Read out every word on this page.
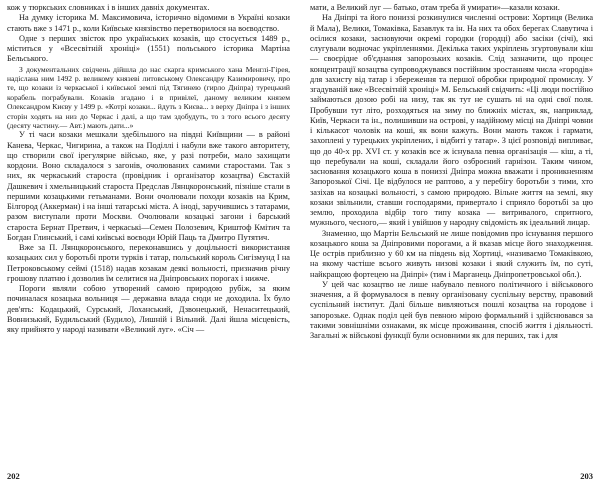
кож у тюркських словниках і в інших давніх документах.

На думку історика М. Максимовича, історично відомими в Україні козаки стають вже з 1471 р., коли Київське князівство перетворилося на воєводство.

Одне з перших звісток про українських козаків, що стосується 1489 р., міститься у «Всесвітній хроніці» (1551) польського історика Мартіна Бельського.

З документальних свідчень дійшла до нас скарга кримського хана Менглі-Гірея, надіслана ним 1492 р. великому князеві литовському Олександру Казимировичу, про те, що козаки із черкаської і київської землі під Тягинею (гирло Дніпра) турецький корабель пограбували. Козаків згадано і в привілеї, даному великим князем Олександром Києву у 1499 р. «Котрі козаки... йдуть з Києва... з верху Дніпра і з інших сторін ходять на низ до Черкас і далі, а що там здобудуть, то з того всього десяту (десяту частину.— Авт.) мають дати...»

У ті часи козаки мешкали здебільшого на півдні Київщини — в районі Канева, Черкас, Чигирина, а також на Поділлі і набули вже такого авторитету, що створили свої ірегулярне військо, яке, у разі потреби, мало захищати кордони. Воно складалося з загонів, очолюваних самими старостами. Так з них, як черкаський староста (провідник і організатор козацтва) Євстахій Дашкевич і хмельницький староста Предслав Лянцкоронський, пізніше стали в першими козацькими гетьманами. Вони очолювали походи козаків на Крим, Білгород (Аккерман) і на інші татарські міста. А іноді, заручившись з татарами, разом виступали проти Москви. Очолювали козацькі загони і барський староста Бернат Претвич, і черкаські—Семен Полозевич, Криштоф Кмітич та Богдан Глинський, і самі київські воєводи Юрій Паць та Дмитро Путятич.

Вже за П. Лянцкоронського, переконавшись у доцільності використання козацьких сил у боротьбі проти турків і татар, польський король Сигізмунд I на Петроковському сеймі (1518) надав козакам деякі вольності, призначив річну грошову платню і дозволив їм селитися на Дніпровських порогах і нижче.

Пороги являли собою утворений самою природою рубіж, за яким починалася козацька вольниця — державна влада сюди не доходила. Їх було дев'ять: Кодацький, Сурський, Лоханський, Дзвонецький, Ненаситецький, Вовнизький, Будильський (Будило), Лишній і Вільний. Далі йшла місцевість, яку прийнято у народі називати «Великий луг». «Січ —

202

мати, а Великий луг — батько, отам треба й умирати»—казали козаки.

На Дніпрі та його пониззі розкинулися численні острови: Хортиця (Велика й Мала), Велики, Томаківка, Базавлук та ін. На них та обох берегах Славутича і осілися козаки, засновуючи окремі городки (городці) або засіки (січі), які слугували водночас укріпленнями. Декілька таких укріплень згуртовували кіш — своєрідне об'єднання запорозьких козаків. Слід зазначити, що процес концентрації козацтва супроводжувався постійним зростанням числа «городів» для захисту від татар і збереження та першої обробки природної промислу. У згадуваній вже «Всесвітній хроніці» М. Бельський свідчить: «Ці люди постійно займаються дозою робі на низу, так як тут не сушать ні на одні свої поля. Пробувши тут літо, розходяться на зиму по ближніх містах, як, наприклад, Київ, Черкаси та ін., полишивши на острові, у надійному місці на Дніпрі човни і кількасот чоловік на коші, як вони кажуть. Вони мають також і гармати, захоплені у турецьких укріплених, і відбиті у татар». З цієї розповіді випливає, що до 40-х рр. XVI ст. у козаків все ж існувала певна організація — кіш, а ті, що перебували на коші, складали його озброєний гарнізон. Таким чином, засновання козацького коша в пониззі Дніпра можна вважати і проникненням Запорозької Січі. Це відбулося не раптово, а у перебігу боротьби з тими, хто зазіхав на козацькі вольності, з самою природою. Вільне життя на землі, яку козаки звільнили, ставши господарями, привертало і сприяло боротьбі за цю землю, проходила відбір того типу козака — витривалого, спритного, мужнього, чесного,— який і увійшов у народну свідомість як ідеальний лицар.

Знаменно, що Мартін Бельський не лише повідомив про існування першого козацького коша за Дніпровими порогами, а й вказав місце його знаходження. Це острів приблизно у 60 км на південь від Хортиці, «називаємо Томаківкою, на якому частіше всього живуть низові козаки і який служить їм, по суті, найкращою фортецею на Дніпрі» (тим і Марганець Дніпропетровської обл.).

У цей час козацтво не лише набувало певного політичного і військового значення, а й формувалося в певну організовану суспільну верству, правовий суспільний інститут. Далі більше вивляються пошлі козацтва на городове і запорозьке. Однак поділ цей був певною мірою формальний і здійснювався за такими зовнішніми ознаками, як місце проживання, спосіб життя і діяльності. Загальні ж військові функції були основними як для перших, так і для

203
